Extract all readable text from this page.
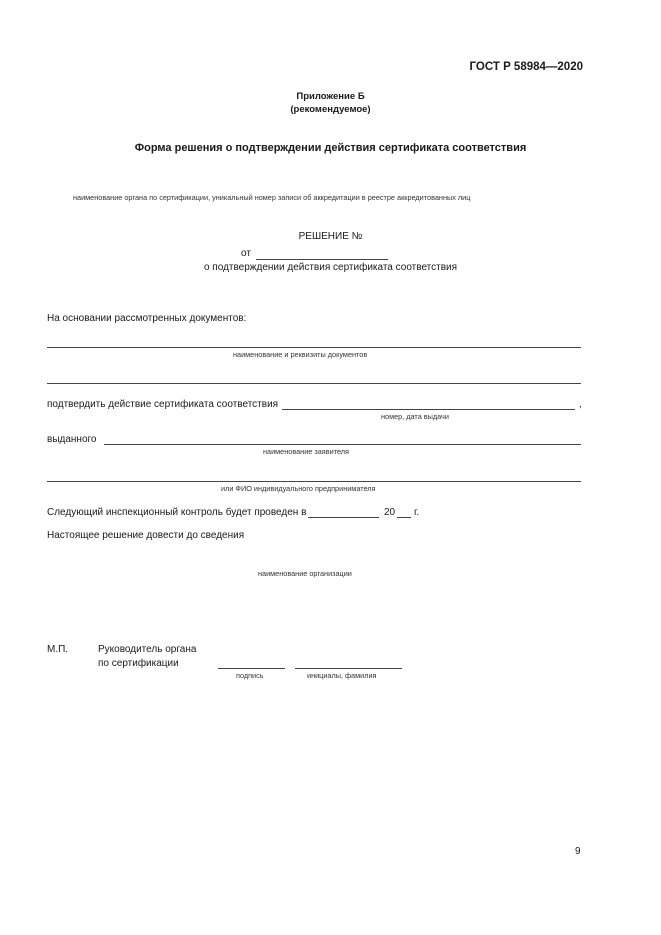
ГОСТ Р 58984—2020
Приложение Б
(рекомендуемое)
Форма решения о подтверждении действия сертификата соответствия
наименование органа по сертификации, уникальный номер записи об аккредитации в реестре аккредитованных лиц
РЕШЕНИЕ №
от
о подтверждении действия сертификата соответствия
На основании рассмотренных документов:
наименование и реквизиты документов
подтвердить действие сертификата соответствия	,
номер, дата выдачи
выданного
наименование заявителя
или ФИО индивидуального предпринимателя
Следующий инспекционный контроль будет проведен в	20 г.
Настоящее решение довести до сведения
наименование организации
М.П.	Руководитель органа
по сертификации
подпись	инициалы, фамилия
9
